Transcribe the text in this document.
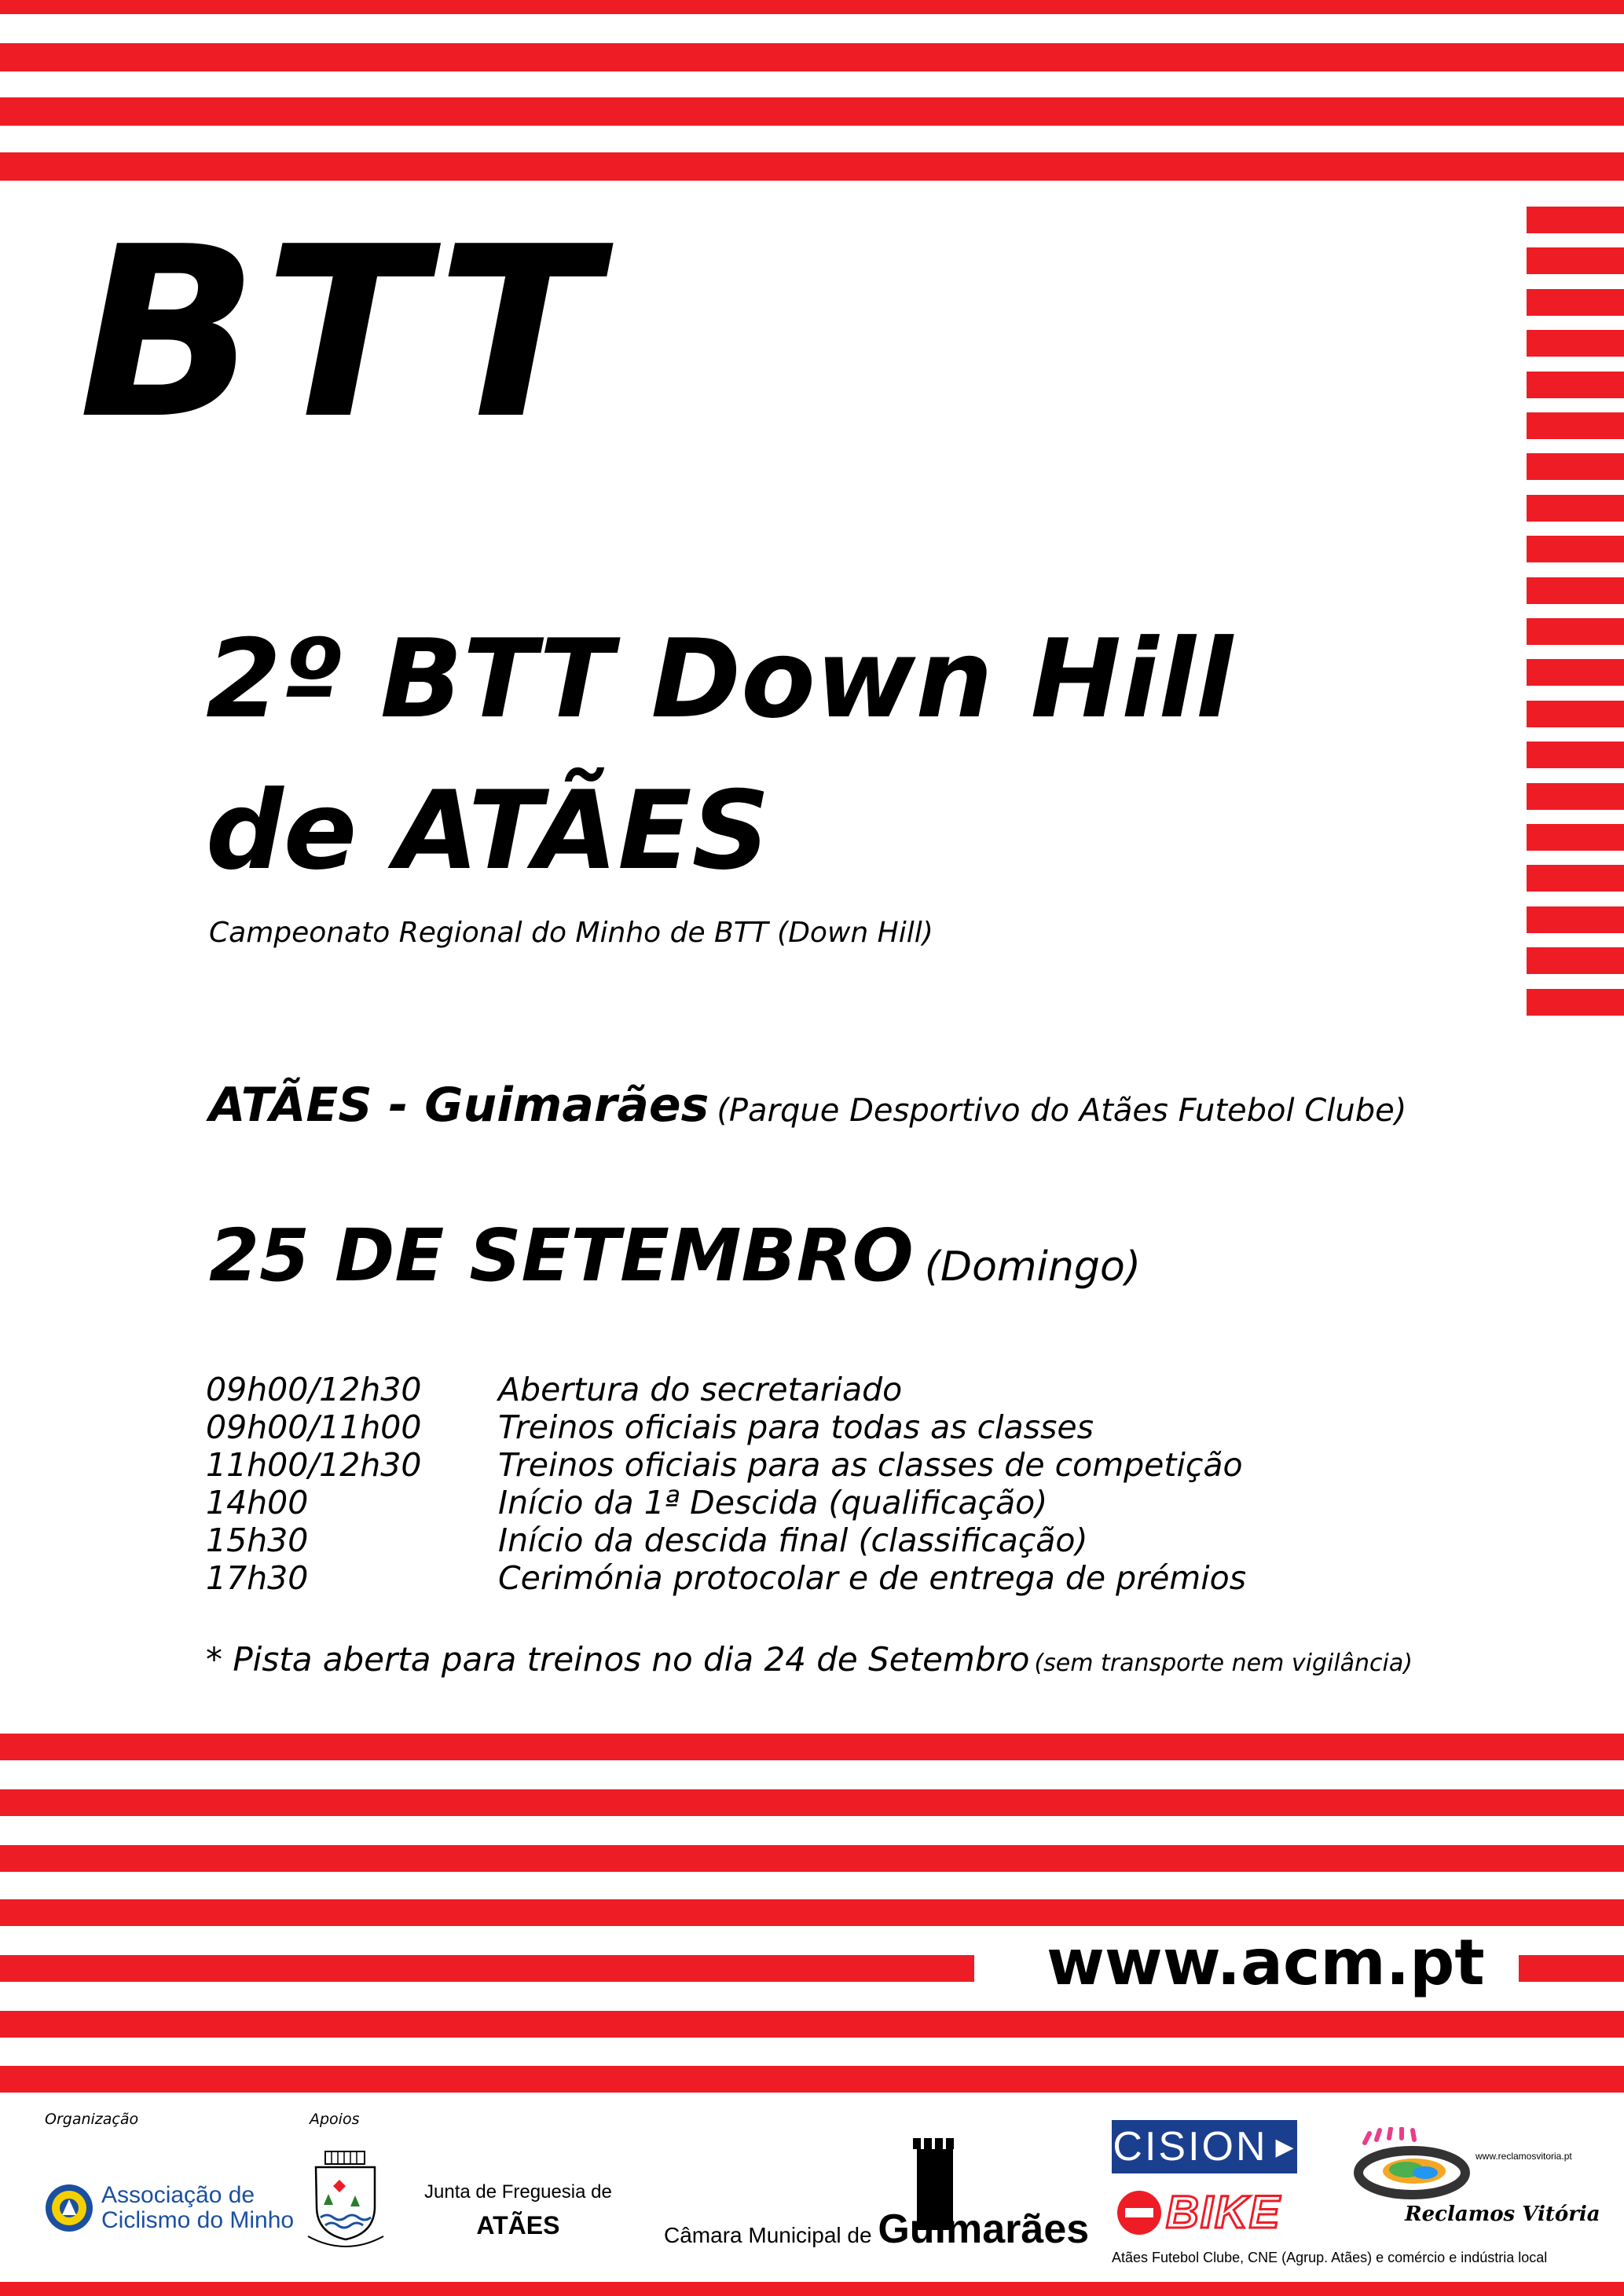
BTT
2º BTT Down Hill
de ATÃES
Campeonato Regional do Minho de BTT (Down Hill)
ATÃES - Guimarães (Parque Desportivo do Atães Futebol Clube)
25 DE SETEMBRO (Domingo)
09h00/12h30	Abertura do secretariado
09h00/11h00	Treinos oficiais para todas as classes
11h00/12h30	Treinos oficiais para as classes de competição
14h00	Início da 1ª Descida (qualificação)
15h30	Início da descida final (classificação)
17h30	Cerimónia protocolar e de entrega de prémios
* Pista aberta para treinos no dia 24 de Setembro (sem transporte nem vigilância)
www.acm.pt
Organização	Apoios
Associação de
Ciclismo do Minho
Junta de Freguesia de
ATÃES	Câmara Municipal de Guimarães
CISION ▶
BIKE
www.reclamosvitoria.pt
Reclamos Vitória
Atães Futebol Clube, CNE (Agrup. Atães) e comércio e indústria local
